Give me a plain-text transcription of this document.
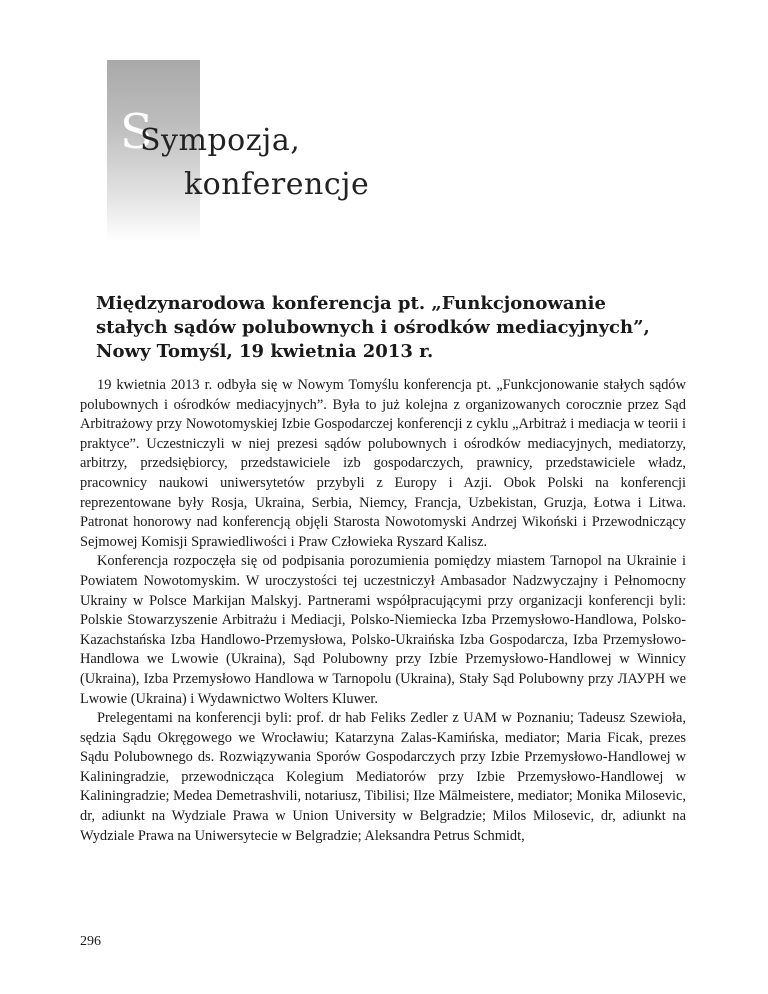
S
Sympozja,
konferencje
Międzynarodowa konferencja pt. „Funkcjonowanie
stałych sądów polubownych i ośrodków mediacyjnych”,
Nowy Tomyśl, 19 kwietnia 2013 r.

19 kwietnia 2013 r. odbyła się w Nowym Tomyślu konferencja pt. „Funkcjonowanie stałych sądów polubownych i ośrodków mediacyjnych”. Była to już kolejna z organizowanych corocznie przez Sąd Arbitrażowy przy Nowotomyskiej Izbie Gospodarczej konferencji z cyklu „Arbitraż i mediacja w teorii i praktyce”. Uczestniczyli w niej prezesi sądów polubownych i ośrodków mediacyjnych, mediatorzy, arbitrzy, przedsiębiorcy, przedstawiciele izb gospodarczych, prawnicy, przedstawiciele władz, pracownicy naukowi uniwersytetów przybyli z Europy i Azji. Obok Polski na konferencji reprezentowane były Rosja, Ukraina, Serbia, Niemcy, Francja, Uzbekistan, Gruzja, Łotwa i Litwa. Patronat honorowy nad konferencją objęli Starosta Nowotomyski Andrzej Wikoński i Przewodniczący Sejmowej Komisji Sprawiedliwości i Praw Człowieka Ryszard Kalisz.

Konferencja rozpoczęła się od podpisania porozumienia pomiędzy miastem Tarnopol na Ukrainie i Powiatem Nowotomyskim. W uroczystości tej uczestniczył Ambasador Nadzwyczajny i Pełnomocny Ukrainy w Polsce Markijan Malskyj. Partnerami współpracującymi przy organizacji konferencji byli: Polskie Stowarzyszenie Arbitrażu i Mediacji, Polsko-Niemiecka Izba Przemysłowo-Handlowa, Polsko-Kazachstańska Izba Handlowo-Przemysłowa, Polsko-Ukraińska Izba Gospodarcza, Izba Przemysłowo-Handlowa we Lwowie (Ukraina), Sąd Polubowny przy Izbie Przemysłowo-Handlowej w Winnicy (Ukraina), Izba Przemysłowo Handlowa w Tarnopolu (Ukraina), Stały Sąd Polubowny przy ЛАУРН we Lwowie (Ukraina) i Wydawnictwo Wolters Kluwer.

Prelegentami na konferencji byli: prof. dr hab Feliks Zedler z UAM w Poznaniu; Tadeusz Szewioła, sędzia Sądu Okręgowego we Wrocławiu; Katarzyna Zalas-Kamińska, mediator; Maria Ficak, prezes Sądu Polubownego ds. Rozwiązywania Sporów Gospodarczych przy Izbie Przemysłowo-Handlowej w Kaliningradzie, przewodnicząca Kolegium Mediatorów przy Izbie Przemysłowo-Handlowej w Kaliningradzie; Medea Demetrashvili, notariusz, Tibilisi; Ilze Mālmeistere, mediator; Monika Milosevic, dr, adiunkt na Wydziale Prawa w Union University w Belgradzie; Milos Milosevic, dr, adiunkt na Wydziale Prawa na Uniwersytecie w Belgradzie; Aleksandra Petrus Schmidt,

296
